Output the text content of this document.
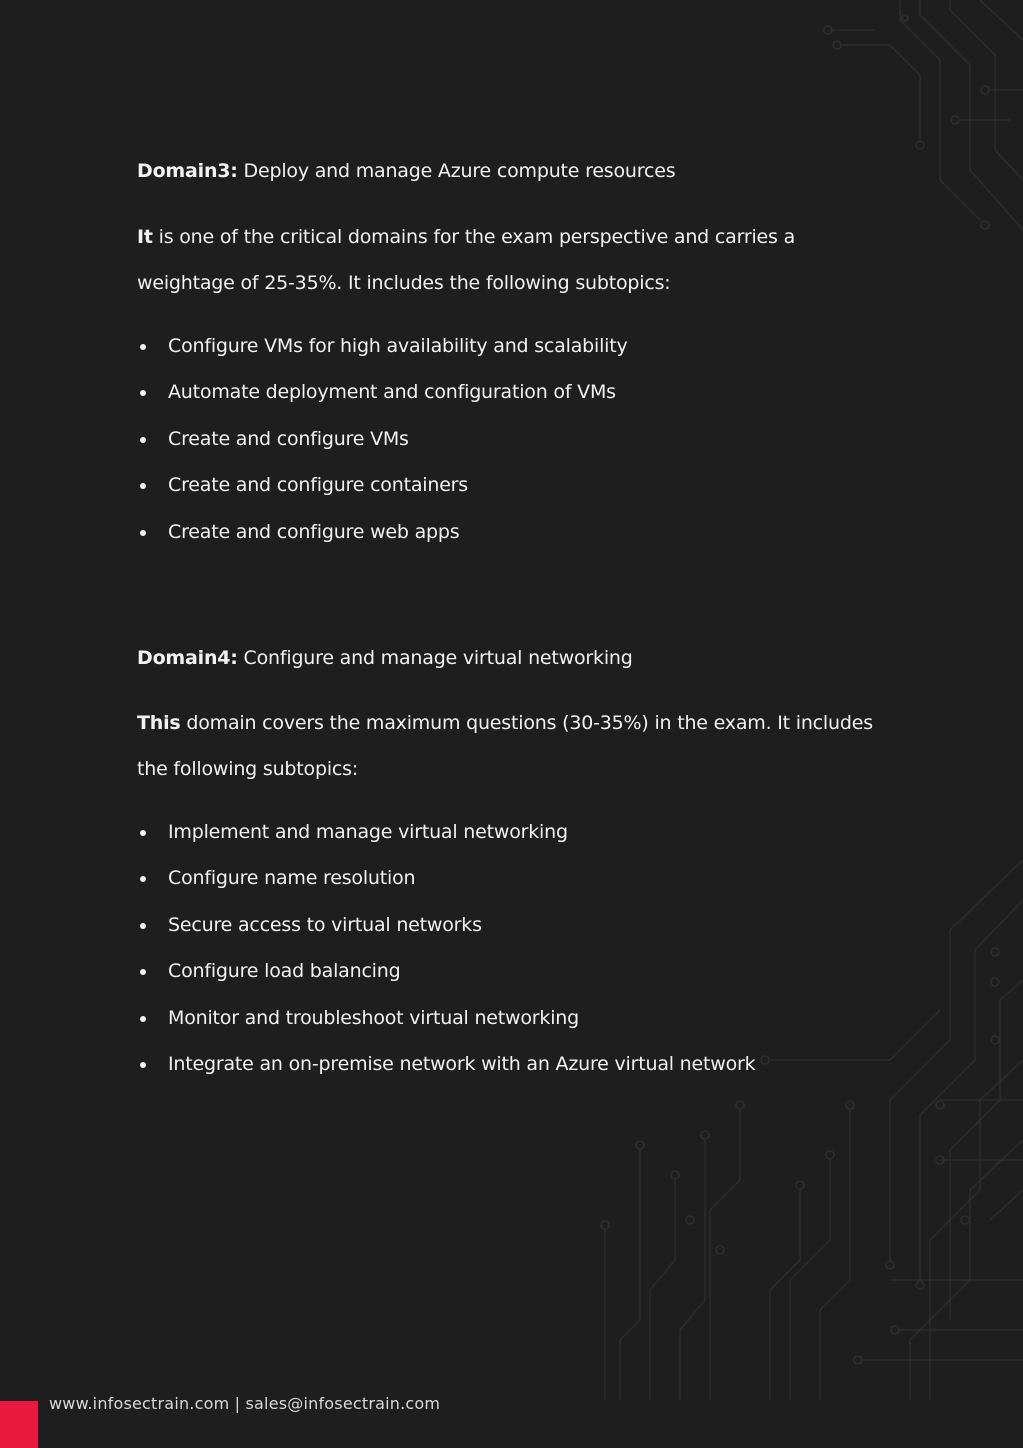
Domain3: Deploy and manage Azure compute resources
It is one of the critical domains for the exam perspective and carries a weightage of 25-35%. It includes the following subtopics:
Configure VMs for high availability and scalability
Automate deployment and configuration of VMs
Create and configure VMs
Create and configure containers
Create and configure web apps
Domain4: Configure and manage virtual networking
This domain covers the maximum questions (30-35%) in the exam. It includes the following subtopics:
Implement and manage virtual networking
Configure name resolution
Secure access to virtual networks
Configure load balancing
Monitor and troubleshoot virtual networking
Integrate an on-premise network with an Azure virtual network
www.infosectrain.com | sales@infosectrain.com
